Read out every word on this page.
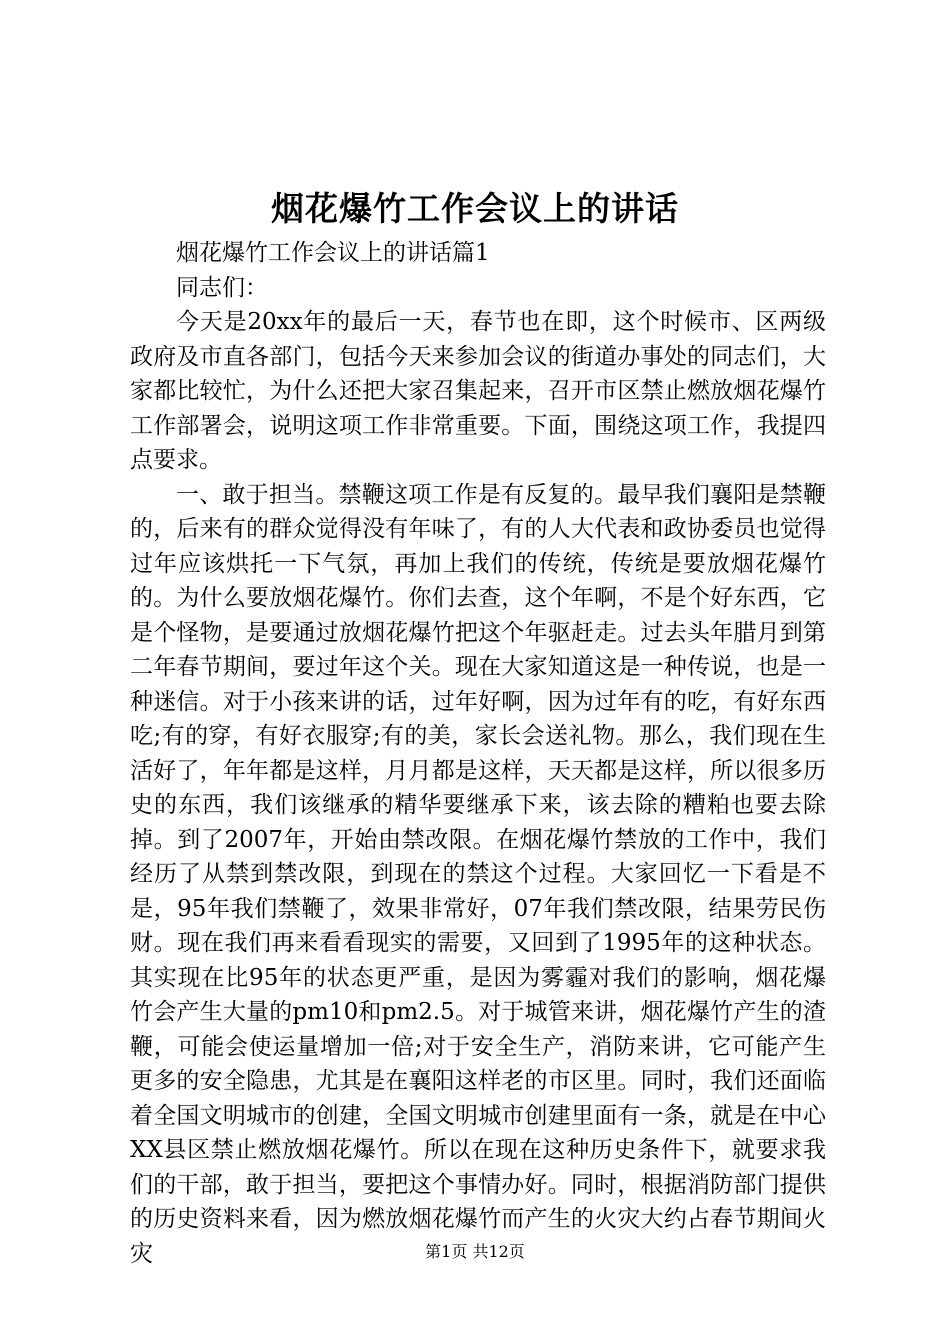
烟花爆竹工作会议上的讲话

烟花爆竹工作会议上的讲话篇1

同志们：

今天是20xx年的最后一天，春节也在即，这个时候市、区两级政府及市直各部门，包括今天来参加会议的街道办事处的同志们，大家都比较忙，为什么还把大家召集起来，召开市区禁止燃放烟花爆竹工作部署会，说明这项工作非常重要。下面，围绕这项工作，我提四点要求。

一、敢于担当。禁鞭这项工作是有反复的。最早我们襄阳是禁鞭的，后来有的群众觉得没有年味了，有的人大代表和政协委员也觉得过年应该烘托一下气氛，再加上我们的传统，传统是要放烟花爆竹的。为什么要放烟花爆竹。你们去查，这个年啊，不是个好东西，它是个怪物，是要通过放烟花爆竹把这个年驱赶走。过去头年腊月到第二年春节期间，要过年这个关。现在大家知道这是一种传说，也是一种迷信。对于小孩来讲的话，过年好啊，因为过年有的吃，有好东西吃;有的穿，有好衣服穿;有的美，家长会送礼物。那么，我们现在生活好了，年年都是这样，月月都是这样，天天都是这样，所以很多历史的东西，我们该继承的精华要继承下来，该去除的糟粕也要去除掉。到了2007年，开始由禁改限。在烟花爆竹禁放的工作中，我们经历了从禁到禁改限，到现在的禁这个过程。大家回忆一下看是不是，95年我们禁鞭了，效果非常好，07年我们禁改限，结果劳民伤财。现在我们再来看看现实的需要，又回到了1995年的这种状态。其实现在比95年的状态更严重，是因为雾霾对我们的影响，烟花爆竹会产生大量的pm10和pm2.5。对于城管来讲，烟花爆竹产生的渣鞭，可能会使运量增加一倍;对于安全生产，消防来讲，它可能产生更多的安全隐患，尤其是在襄阳这样老的市区里。同时，我们还面临着全国文明城市的创建，全国文明城市创建里面有一条，就是在中心XX县区禁止燃放烟花爆竹。所以在现在这种历史条件下，就要求我们的干部，敢于担当，要把这个事情办好。同时，根据消防部门提供的历史资料来看，因为燃放烟花爆竹而产生的火灾大约占春节期间火灾	第1页 共12页
